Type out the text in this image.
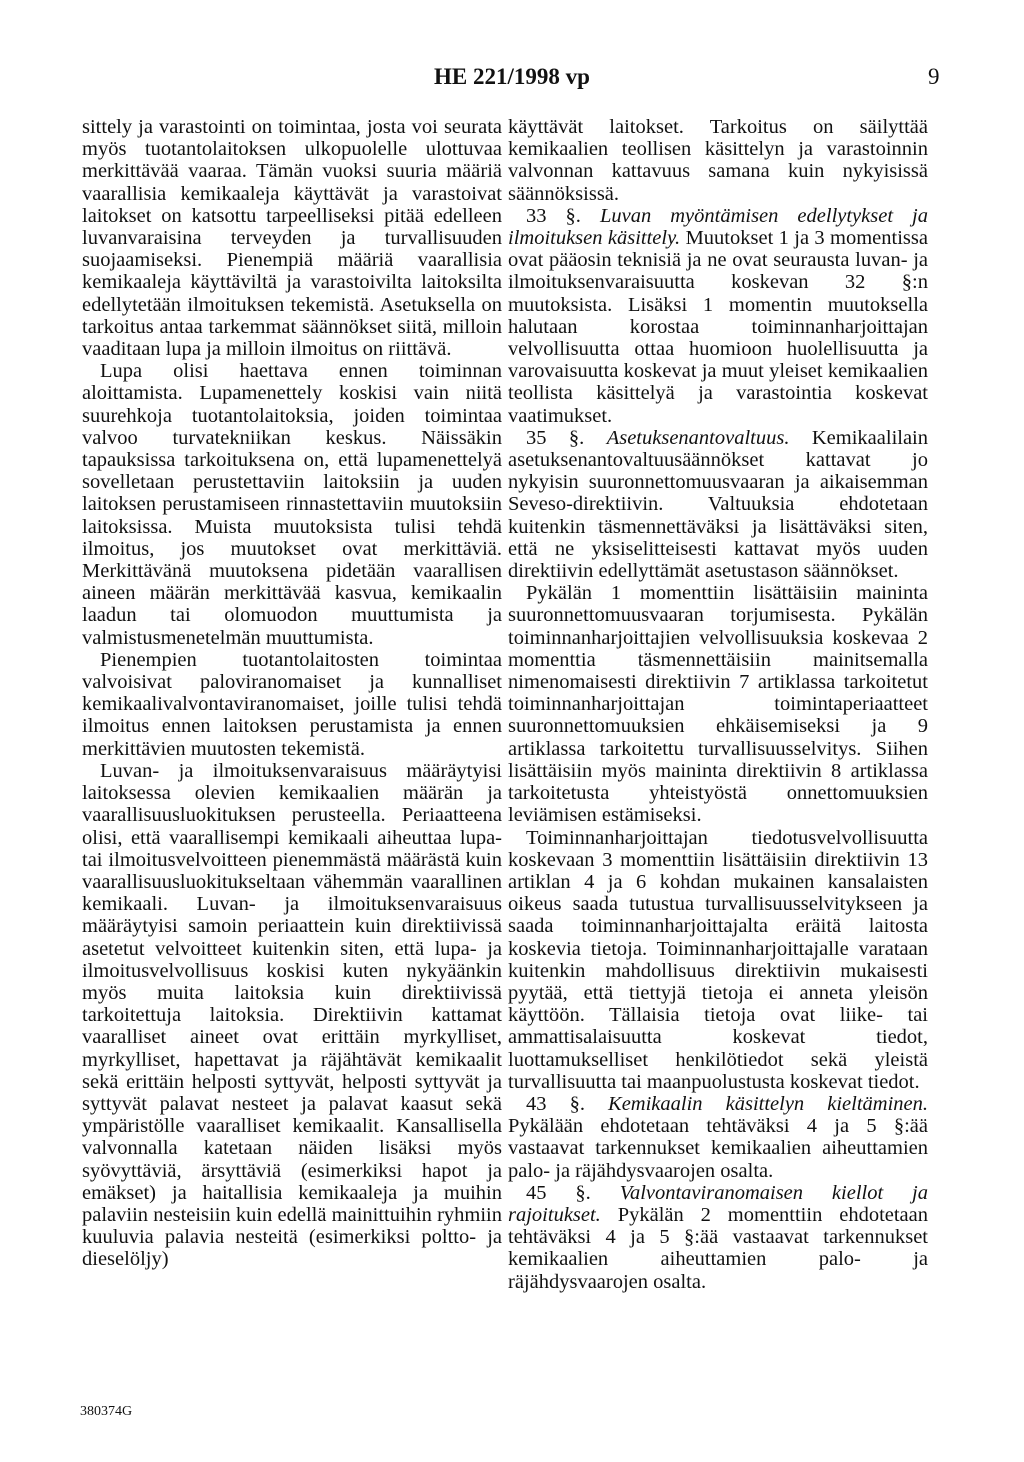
HE 221/1998 vp	9

sittely ja varastointi on toimintaa, josta voi seurata myös tuotantolaitoksen ulkopuolelle ulottuvaa merkittävää vaaraa. Tämän vuoksi suuria määriä vaarallisia kemikaaleja käyttävät ja varastoivat laitokset on katsottu tarpeelliseksi pitää edelleen luvanvaraisina terveyden ja turvallisuuden suojaamiseksi. Pienempiä määriä vaarallisia kemikaaleja käyttäviltä ja varastoivilta laitoksilta edellytetään ilmoituksen tekemistä. Asetuksella on tarkoitus antaa tarkemmat säännökset siitä, milloin vaaditaan lupa ja milloin ilmoitus on riittävä.

Lupa olisi haettava ennen toiminnan aloittamista. Lupamenettely koskisi vain niitä suurehkoja tuotantolaitoksia, joiden toimintaa valvoo turvatekniikan keskus. Näissäkin tapauksissa tarkoituksena on, että lupamenettelyä sovelletaan perustettaviin laitoksiin ja uuden laitoksen perustamiseen rinnastettaviin muutoksiin laitoksissa. Muista muutoksista tulisi tehdä ilmoitus, jos muutokset ovat merkittäviä. Merkittävänä muutoksena pidetään vaarallisen aineen määrän merkittävää kasvua, kemikaalin laadun tai olomuodon muuttumista ja valmistusmenetelmän muuttumista.

Pienempien tuotantolaitosten toimintaa valvoisivat paloviranomaiset ja kunnalliset kemikaalivalvontaviranomaiset, joille tulisi tehdä ilmoitus ennen laitoksen perustamista ja ennen merkittävien muutosten tekemistä.

Luvan- ja ilmoituksenvaraisuus määräytyisi laitoksessa olevien kemikaalien määrän ja vaarallisuusluokituksen perusteella. Periaatteena olisi, että vaarallisempi kemikaali aiheuttaa lupa- tai ilmoitusvelvoitteen pienemmästä määrästä kuin vaarallisuusluokitukseltaan vähemmän vaarallinen kemikaali. Luvan- ja ilmoituksenvaraisuus määräytyisi samoin periaattein kuin direktiivissä asetetut velvoitteet kuitenkin siten, että lupa- ja ilmoitusvelvollisuus koskisi kuten nykyäänkin myös muita laitoksia kuin direktiivissä tarkoitettuja laitoksia. Direktiivin kattamat vaaralliset aineet ovat erittäin myrkylliset, myrkylliset, hapettavat ja räjähtävät kemikaalit sekä erittäin helposti syttyvät, helposti syttyvät ja syttyvät palavat nesteet ja palavat kaasut sekä ympäristölle vaaralliset kemikaalit. Kansallisella valvonnalla katetaan näiden lisäksi myös syövyttäviä, ärsyttäviä (esimerkiksi hapot ja emäkset) ja haitallisia kemikaaleja ja muihin palaviin nesteisiin kuin edellä mainittuihin ryhmiin kuuluvia palavia nesteitä (esimerkiksi poltto- ja dieselöljy)

käyttävät laitokset. Tarkoitus on säilyttää kemikaalien teollisen käsittelyn ja varastoinnin valvonnan kattavuus samana kuin nykyisissä säännöksissä.

33 §. Luvan myöntämisen edellytykset ja ilmoituksen käsittely. Muutokset 1 ja 3 momentissa ovat pääosin teknisiä ja ne ovat seurausta luvan- ja ilmoituksenvaraisuutta koskevan 32 §:n muutoksista. Lisäksi 1 momentin muutoksella halutaan korostaa toiminnanharjoittajan velvollisuutta ottaa huomioon huolellisuutta ja varovaisuutta koskevat ja muut yleiset kemikaalien teollista käsittelyä ja varastointia koskevat vaatimukset.

35 §. Asetuksenantovaltuus. Kemikaalilain asetuksenantovaltuusäännökset kattavat jo nykyisin suuronnettomuusvaaran ja aikaisemman Seveso-direktiivin. Valtuuksia ehdotetaan kuitenkin täsmennettäväksi ja lisättäväksi siten, että ne yksiselitteisesti kattavat myös uuden direktiivin edellyttämät asetustason säännökset.

Pykälän 1 momenttiin lisättäisiin maininta suuronnettomuusvaaran torjumisesta. Pykälän toiminnanharjoittajien velvollisuuksia koskevaa 2 momenttia täsmennettäisiin mainitsemalla nimenomaisesti direktiivin 7 artiklassa tarkoitetut toiminnanharjoittajan toimintaperiaatteet suuronnettomuuksien ehkäisemiseksi ja 9 artiklassa tarkoitettu turvallisuusselvitys. Siihen lisättäisiin myös maininta direktiivin 8 artiklassa tarkoitetusta yhteistyöstä onnettomuuksien leviämisen estämiseksi.

Toiminnanharjoittajan tiedotusvelvollisuutta koskevaan 3 momenttiin lisättäisiin direktiivin 13 artiklan 4 ja 6 kohdan mukainen kansalaisten oikeus saada tutustua turvallisuusselvitykseen ja saada toiminnanharjoittajalta eräitä laitosta koskevia tietoja. Toiminnanharjoittajalle varataan kuitenkin mahdollisuus direktiivin mukaisesti pyytää, että tiettyjä tietoja ei anneta yleisön käyttöön. Tällaisia tietoja ovat liike- tai ammattisalaisuutta koskevat tiedot, luottamukselliset henkilötiedot sekä yleistä turvallisuutta tai maanpuolustusta koskevat tiedot.

43 §. Kemikaalin käsittelyn kieltäminen. Pykälään ehdotetaan tehtäväksi 4 ja 5 §:ää vastaavat tarkennukset kemikaalien aiheuttamien palo- ja räjähdysvaarojen osalta.

45 §. Valvontaviranomaisen kiellot ja rajoitukset. Pykälän 2 momenttiin ehdotetaan tehtäväksi 4 ja 5 §:ää vastaavat tarkennukset kemikaalien aiheuttamien palo- ja räjähdysvaarojen osalta.

380374G
